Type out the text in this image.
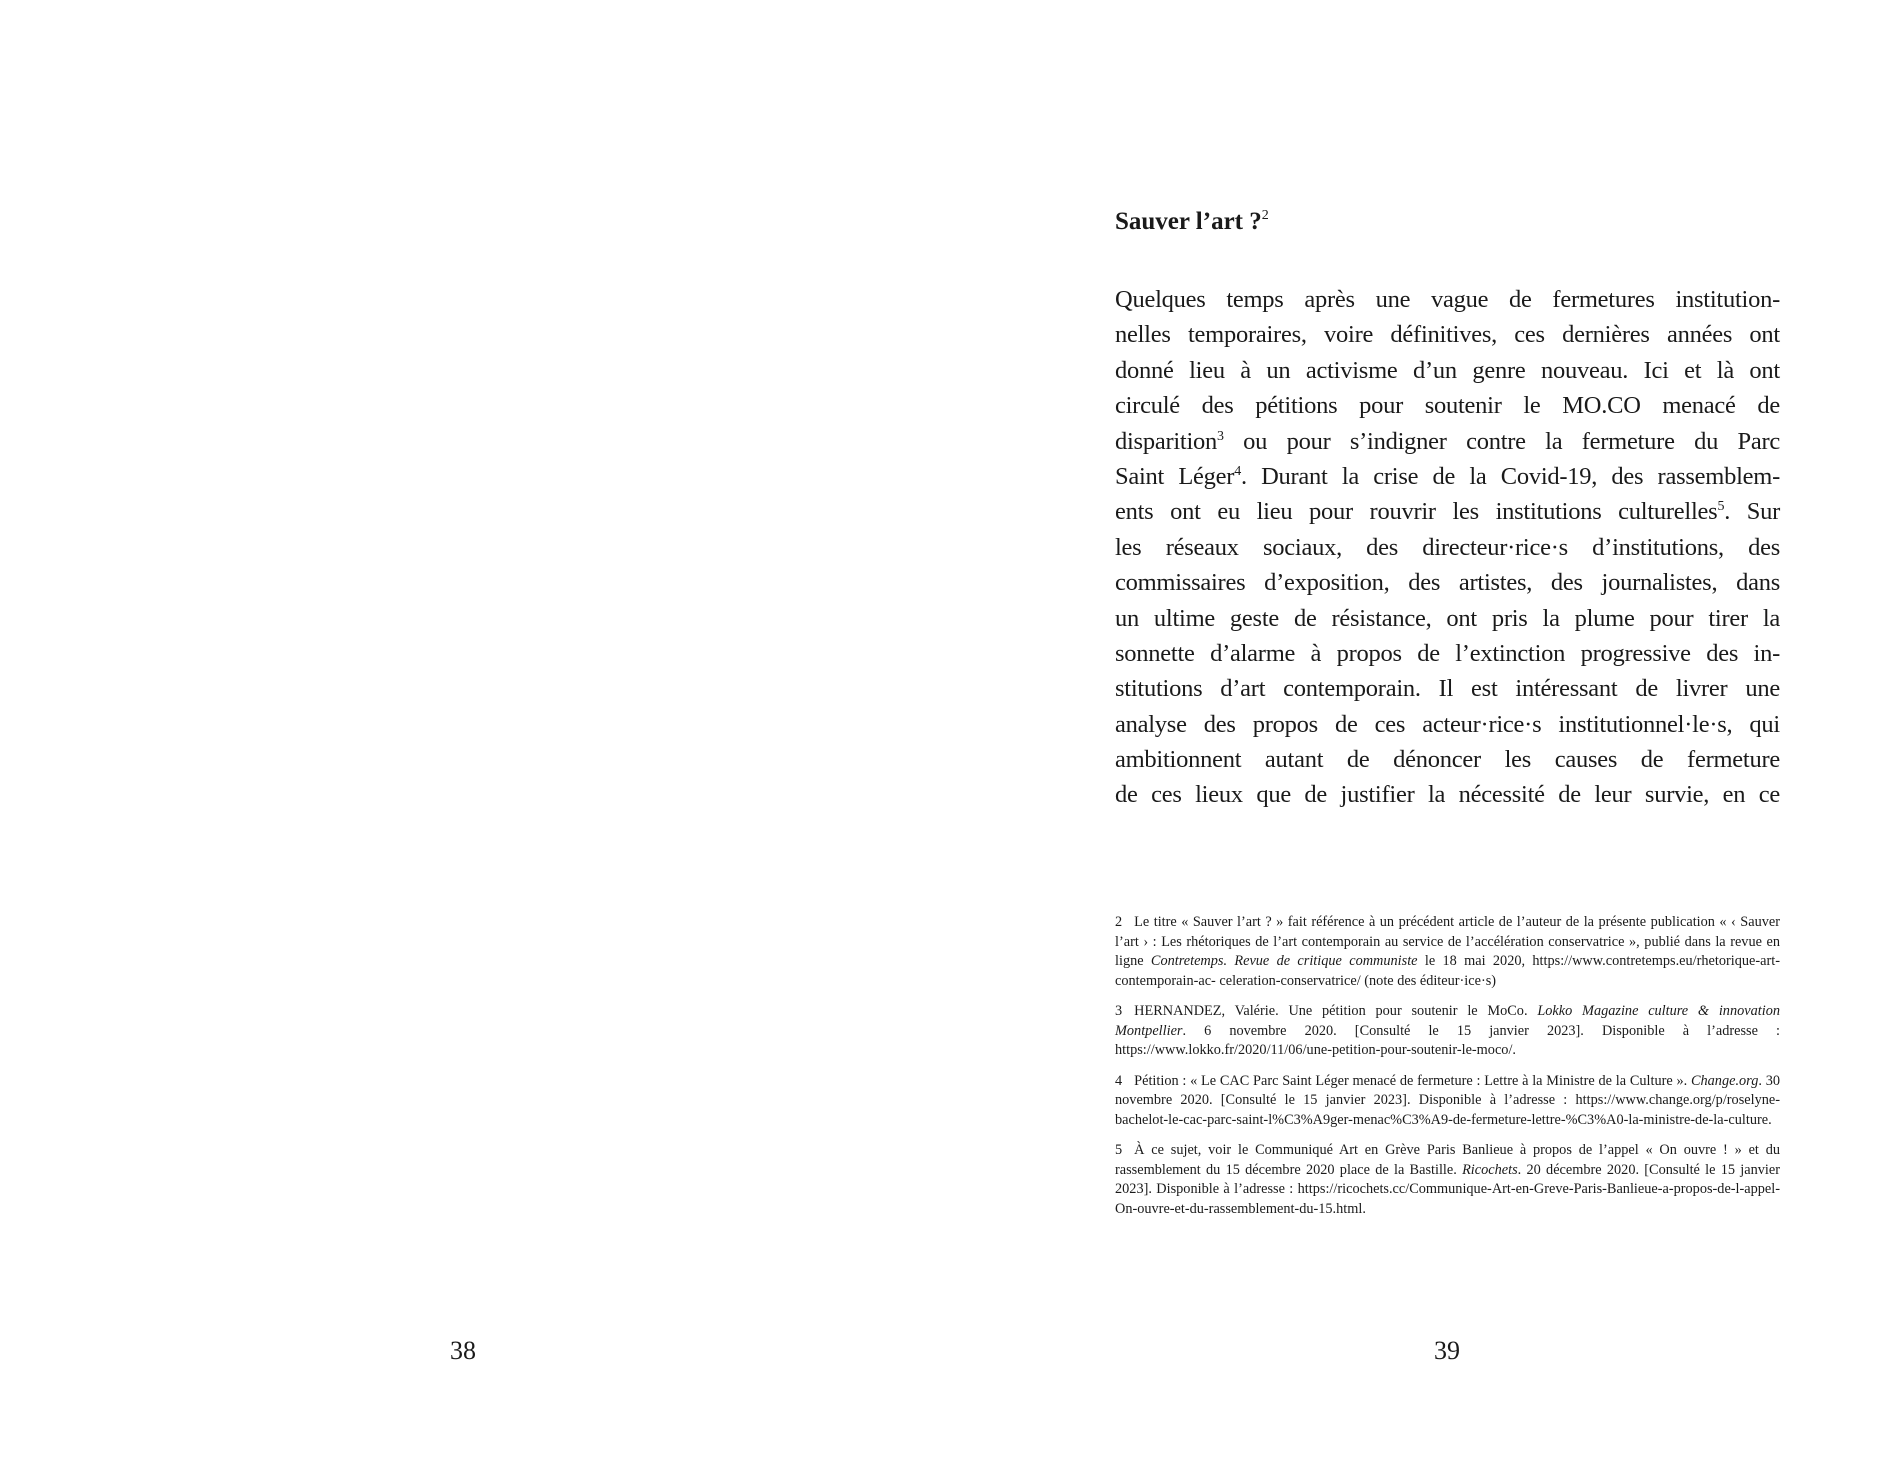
Sauver l’art ?$^2$
Quelques temps après une vague de fermetures institution-
nelles temporaires, voire définitives, ces dernières années ont
donné lieu à un activisme d’un genre nouveau. Ici et là ont
circulé des pétitions pour soutenir le MO.CO menacé de
disparition$^3$ ou pour s’indigner contre la fermeture du Parc
Saint Léger$^4$. Durant la crise de la Covid-19, des rassemblem-
ents ont eu lieu pour rouvrir les institutions culturelles$^5$. Sur
les réseaux sociaux, des directeur·rice·s d’institutions, des
commissaires d’exposition, des artistes, des journalistes, dans
un ultime geste de résistance, ont pris la plume pour tirer la
sonnette d’alarme à propos de l’extinction progressive des in-
stitutions d’art contemporain. Il est intéressant de livrer une
analyse des propos de ces acteur·rice·s institutionnel·le·s, qui
ambitionnent autant de dénoncer les causes de fermeture
de ces lieux que de justifier la nécessité de leur survie, en ce
2 Le titre « Sauver l’art ? » fait référence à un précédent article de l’auteur de la présente publication « ‹ Sauver l’art › : Les rhétoriques de l’art contemporain au service de l’accélération conservatrice », publié dans la revue en ligne Contretemps. Revue de critique communiste le 18 mai 2020, https://www.contretemps.eu/rhetorique-art-contemporain-ac- celeration-conservatrice/ (note des éditeur·ice·s)
3 HERNANDEZ, Valérie. Une pétition pour soutenir le MoCo. Lokko Magazine culture & innovation Montpellier. 6 novembre 2020. [Consulté le 15 janvier 2023]. Disponible à l’adresse : https://www.lokko.fr/2020/11/06/une-petition-pour-soutenir-le-moco/.
4 Pétition : « Le CAC Parc Saint Léger menacé de fermeture : Lettre à la Ministre de la Culture ». Change.org. 30 novembre 2020. [Consulté le 15 janvier 2023]. Disponible à l’adresse : https://www.change.org/p/roselyne-bachelot-le-cac-parc-saint-l%C3%A9ger-menac%C3%A9-de-fermeture-lettre-%C3%A0-la-ministre-de-la-culture.
5 À ce sujet, voir le Communiqué Art en Grève Paris Banlieue à propos de l’appel « On ouvre ! » et du rassemblement du 15 décembre 2020 place de la Bastille. Ricochets. 20 décembre 2020. [Consulté le 15 janvier 2023]. Disponible à l’adresse : https://ricochets.cc/Communique-Art-en-Greve-Paris-Banlieue-a-propos-de-l-appel-On-ouvre-et-du-rassemblement-du-15.html.
38	39
